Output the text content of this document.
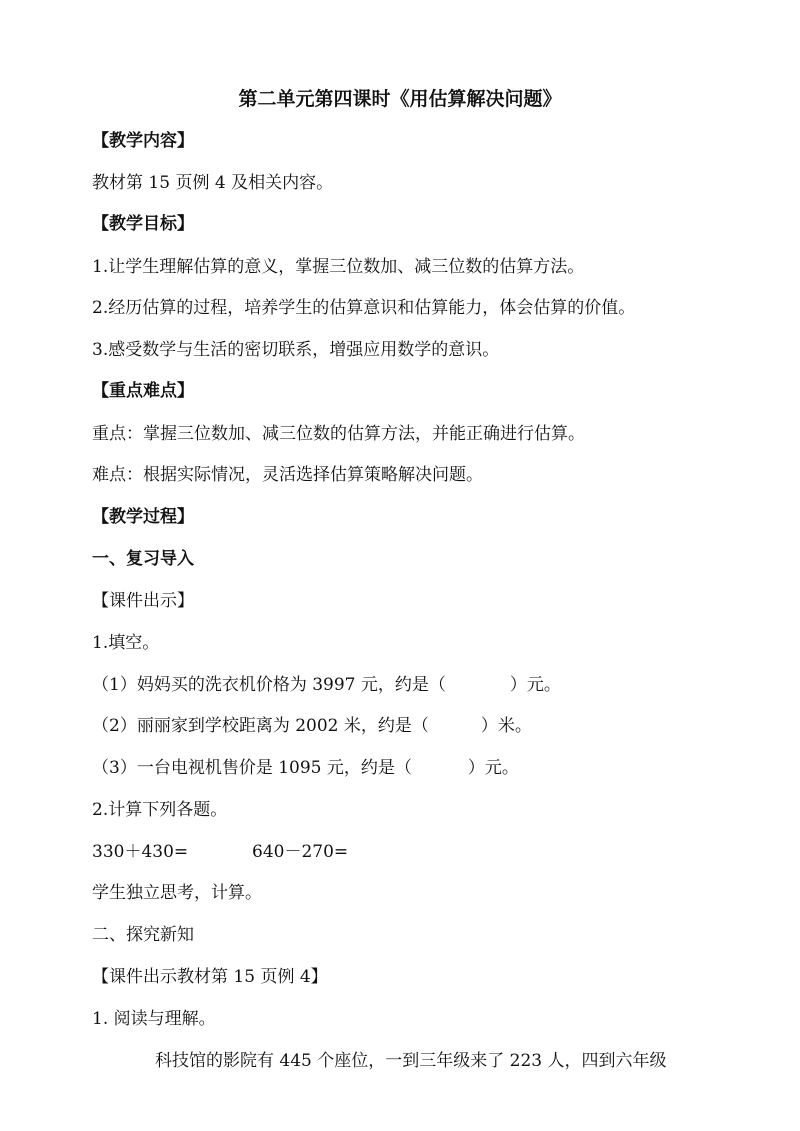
第二单元第四课时《用估算解决问题》
【教学内容】
教材第 15 页例 4 及相关内容。
【教学目标】
1.让学生理解估算的意义，掌握三位数加、减三位数的估算方法。
2.经历估算的过程，培养学生的估算意识和估算能力，体会估算的价值。
3.感受数学与生活的密切联系，增强应用数学的意识。
【重点难点】
重点：掌握三位数加、减三位数的估算方法，并能正确进行估算。
难点：根据实际情况，灵活选择估算策略解决问题。
【教学过程】
一、复习导入
【课件出示】
1.填空。
（1）妈妈买的洗衣机价格为 3997 元，约是（	）元。
（2）丽丽家到学校距离为 2002 米，约是（	）米。
（3）一台电视机售价是 1095 元，约是（	）元。
2.计算下列各题。
330＋430=	640－270=
学生独立思考，计算。
二、探究新知
【课件出示教材第 15 页例 4】
1. 阅读与理解。
科技馆的影院有 445 个座位，一到三年级来了 223 人，四到六年级
